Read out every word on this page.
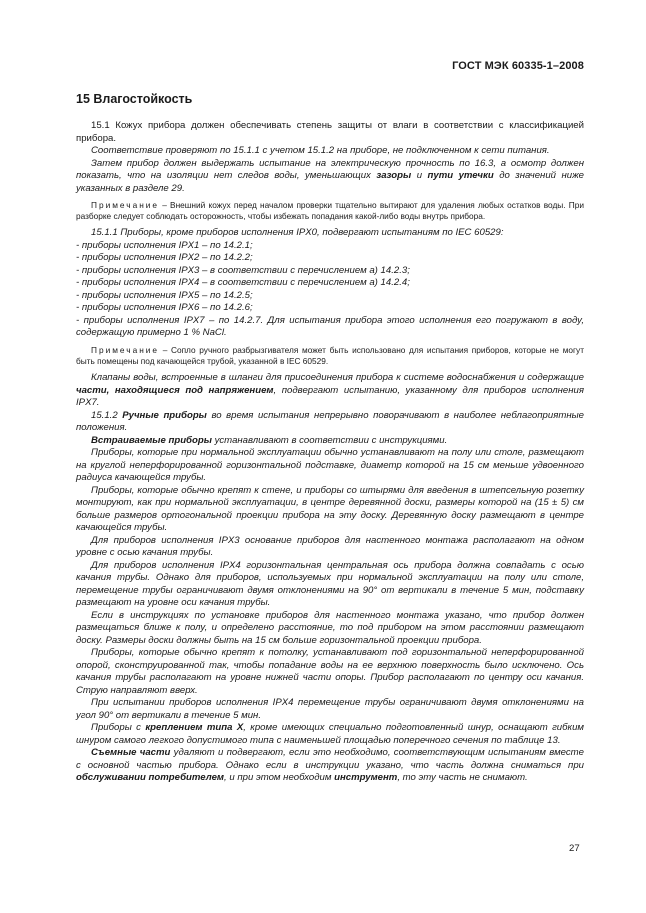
ГОСТ МЭК 60335-1–2008
15 Влагостойкость

15.1 Кожух прибора должен обеспечивать степень защиты от влаги в соответствии с классификацией прибора.

Соответствие проверяют по 15.1.1 с учетом 15.1.2 на приборе, не подключенном к сети питания.

Затем прибор должен выдержать испытание на электрическую прочность по 16.3, а осмотр должен показать, что на изоляции нет следов воды, уменьшающих зазоры и пути утечки до значений ниже указанных в разделе 29.

Примечание – Внешний кожух перед началом проверки тщательно вытирают для удаления любых остатков воды. При разборке следует соблюдать осторожность, чтобы избежать попадания какой-либо воды внутрь прибора.

15.1.1 Приборы, кроме приборов исполнения IPX0, подвергают испытаниям по IEC 60529:

- приборы исполнения IPX1 – по 14.2.1;

- приборы исполнения IPX2 – по 14.2.2;

- приборы исполнения IPX3 – в соответствии с перечислением а) 14.2.3;

- приборы исполнения IPX4 – в соответствии с перечислением а) 14.2.4;

- приборы исполнения IPX5 – по 14.2.5;

- приборы исполнения IPX6 – по 14.2.6;

- приборы исполнения IPX7 – по 14.2.7. Для испытания прибора этого исполнения его погружают в воду, содержащую примерно 1 % NaCl.

Примечание – Сопло ручного разбрызгивателя может быть использовано для испытания приборов, которые не могут быть помещены под качающейся трубой, указанной в IEC 60529.

Клапаны воды, встроенные в шланги для присоединения прибора к системе водоснабжения и содержащие части, находящиеся под напряжением, подвергают испытанию, указанному для приборов исполнения IPX7.

15.1.2 Ручные приборы во время испытания непрерывно поворачивают в наиболее неблагоприятные положения.

Встраиваемые приборы устанавливают в соответствии с инструкциями.

Приборы, которые при нормальной эксплуатации обычно устанавливают на полу или столе, размещают на круглой неперфорированной горизонтальной подставке, диаметр которой на 15 см меньше удвоенного радиуса качающейся трубы.

Приборы, которые обычно крепят к стене, и приборы со штырями для введения в штепсельную розетку монтируют, как при нормальной эксплуатации, в центре деревянной доски, размеры которой на (15 ± 5) см больше размеров ортогональной проекции прибора на эту доску. Деревянную доску размещают в центре качающейся трубы.

Для приборов исполнения IPX3 основание приборов для настенного монтажа располагают на одном уровне с осью качания трубы.

Для приборов исполнения IPX4 горизонтальная центральная ось прибора должна совпадать с осью качания трубы. Однако для приборов, используемых при нормальной эксплуатации на полу или столе, перемещение трубы ограничивают двумя отклонениями на 90° от вертикали в течение 5 мин, подставку размещают на уровне оси качания трубы.

Если в инструкциях по установке приборов для настенного монтажа указано, что прибор должен размещаться ближе к полу, и определено расстояние, то под прибором на этом расстоянии размещают доску. Размеры доски должны быть на 15 см больше горизонтальной проекции прибора.

Приборы, которые обычно крепят к потолку, устанавливают под горизонтальной неперфорированной опорой, сконструированной так, чтобы попадание воды на ее верхнюю поверхность было исключено. Ось качания трубы располагают на уровне нижней части опоры. Прибор располагают по центру оси качания. Струю направляют вверх.

При испытании приборов исполнения IPX4 перемещение трубы ограничивают двумя отклонениями на угол 90° от вертикали в течение 5 мин.

Приборы с креплением типа X, кроме имеющих специально подготовленный шнур, оснащают гибким шнуром самого легкого допустимого типа с наименьшей площадью поперечного сечения по таблице 13.

Съемные части удаляют и подвергают, если это необходимо, соответствующим испытаниям вместе с основной частью прибора. Однако если в инструкции указано, что часть должна сниматься при обслуживании потребителем, и при этом необходим инструмент, то эту часть не снимают.

27
